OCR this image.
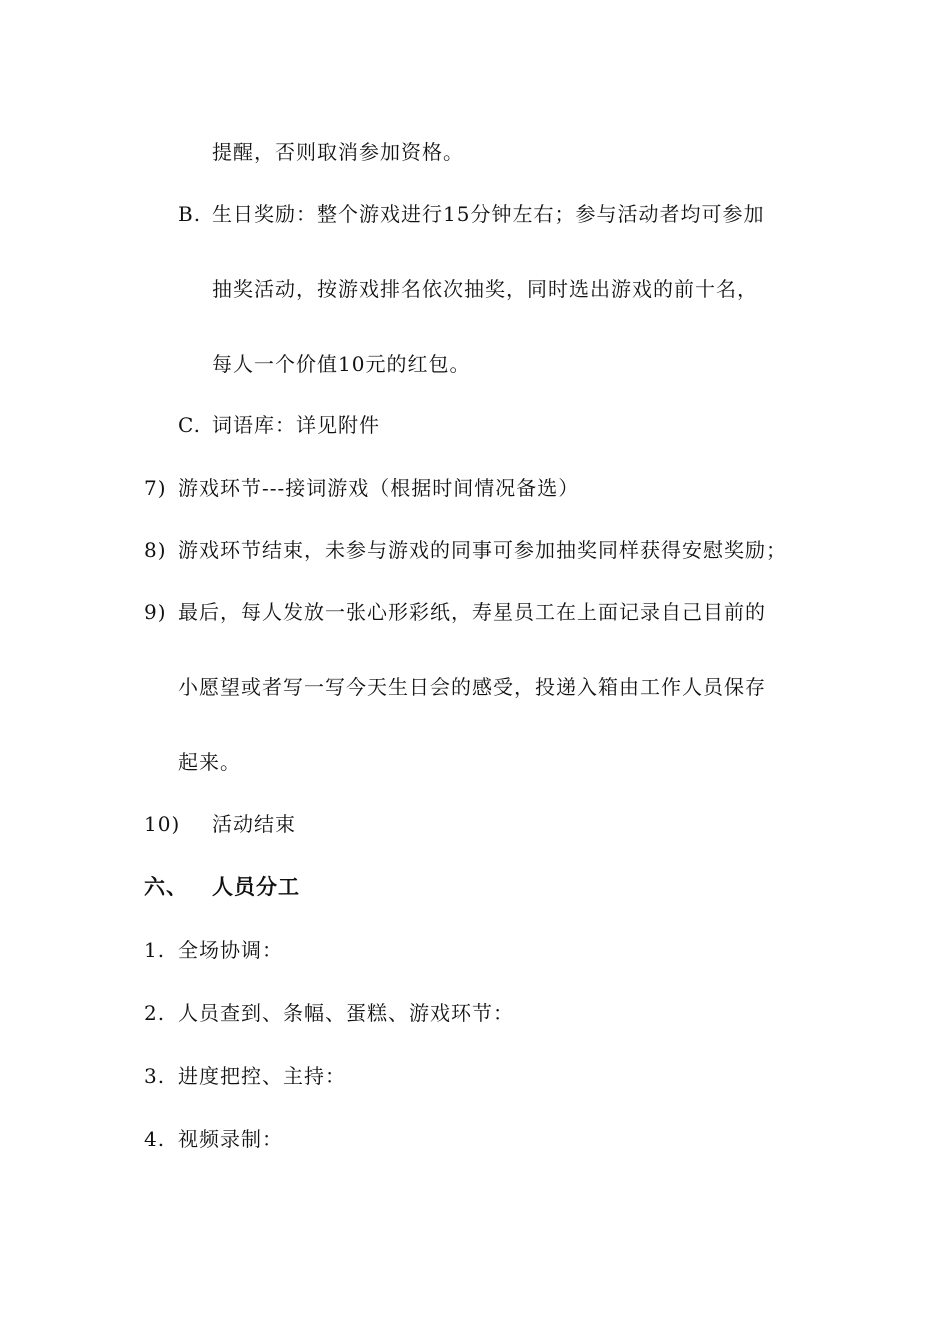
提醒，否则取消参加资格。
B. 生日奖励：整个游戏进行15分钟左右；参与活动者均可参加
抽奖活动，按游戏排名依次抽奖，同时选出游戏的前十名，
每人一个价值10元的红包。
C. 词语库：详见附件
7) 游戏环节---接词游戏（根据时间情况备选）
8) 游戏环节结束，未参与游戏的同事可参加抽奖同样获得安慰奖励；
9) 最后，每人发放一张心形彩纸，寿星员工在上面记录自己目前的
小愿望或者写一写今天生日会的感受，投递入箱由工作人员保存
起来。
10) 活动结束
六、 人员分工
1. 全场协调：
2. 人员查到、条幅、蛋糕、游戏环节：
3. 进度把控、主持：
4. 视频录制：
